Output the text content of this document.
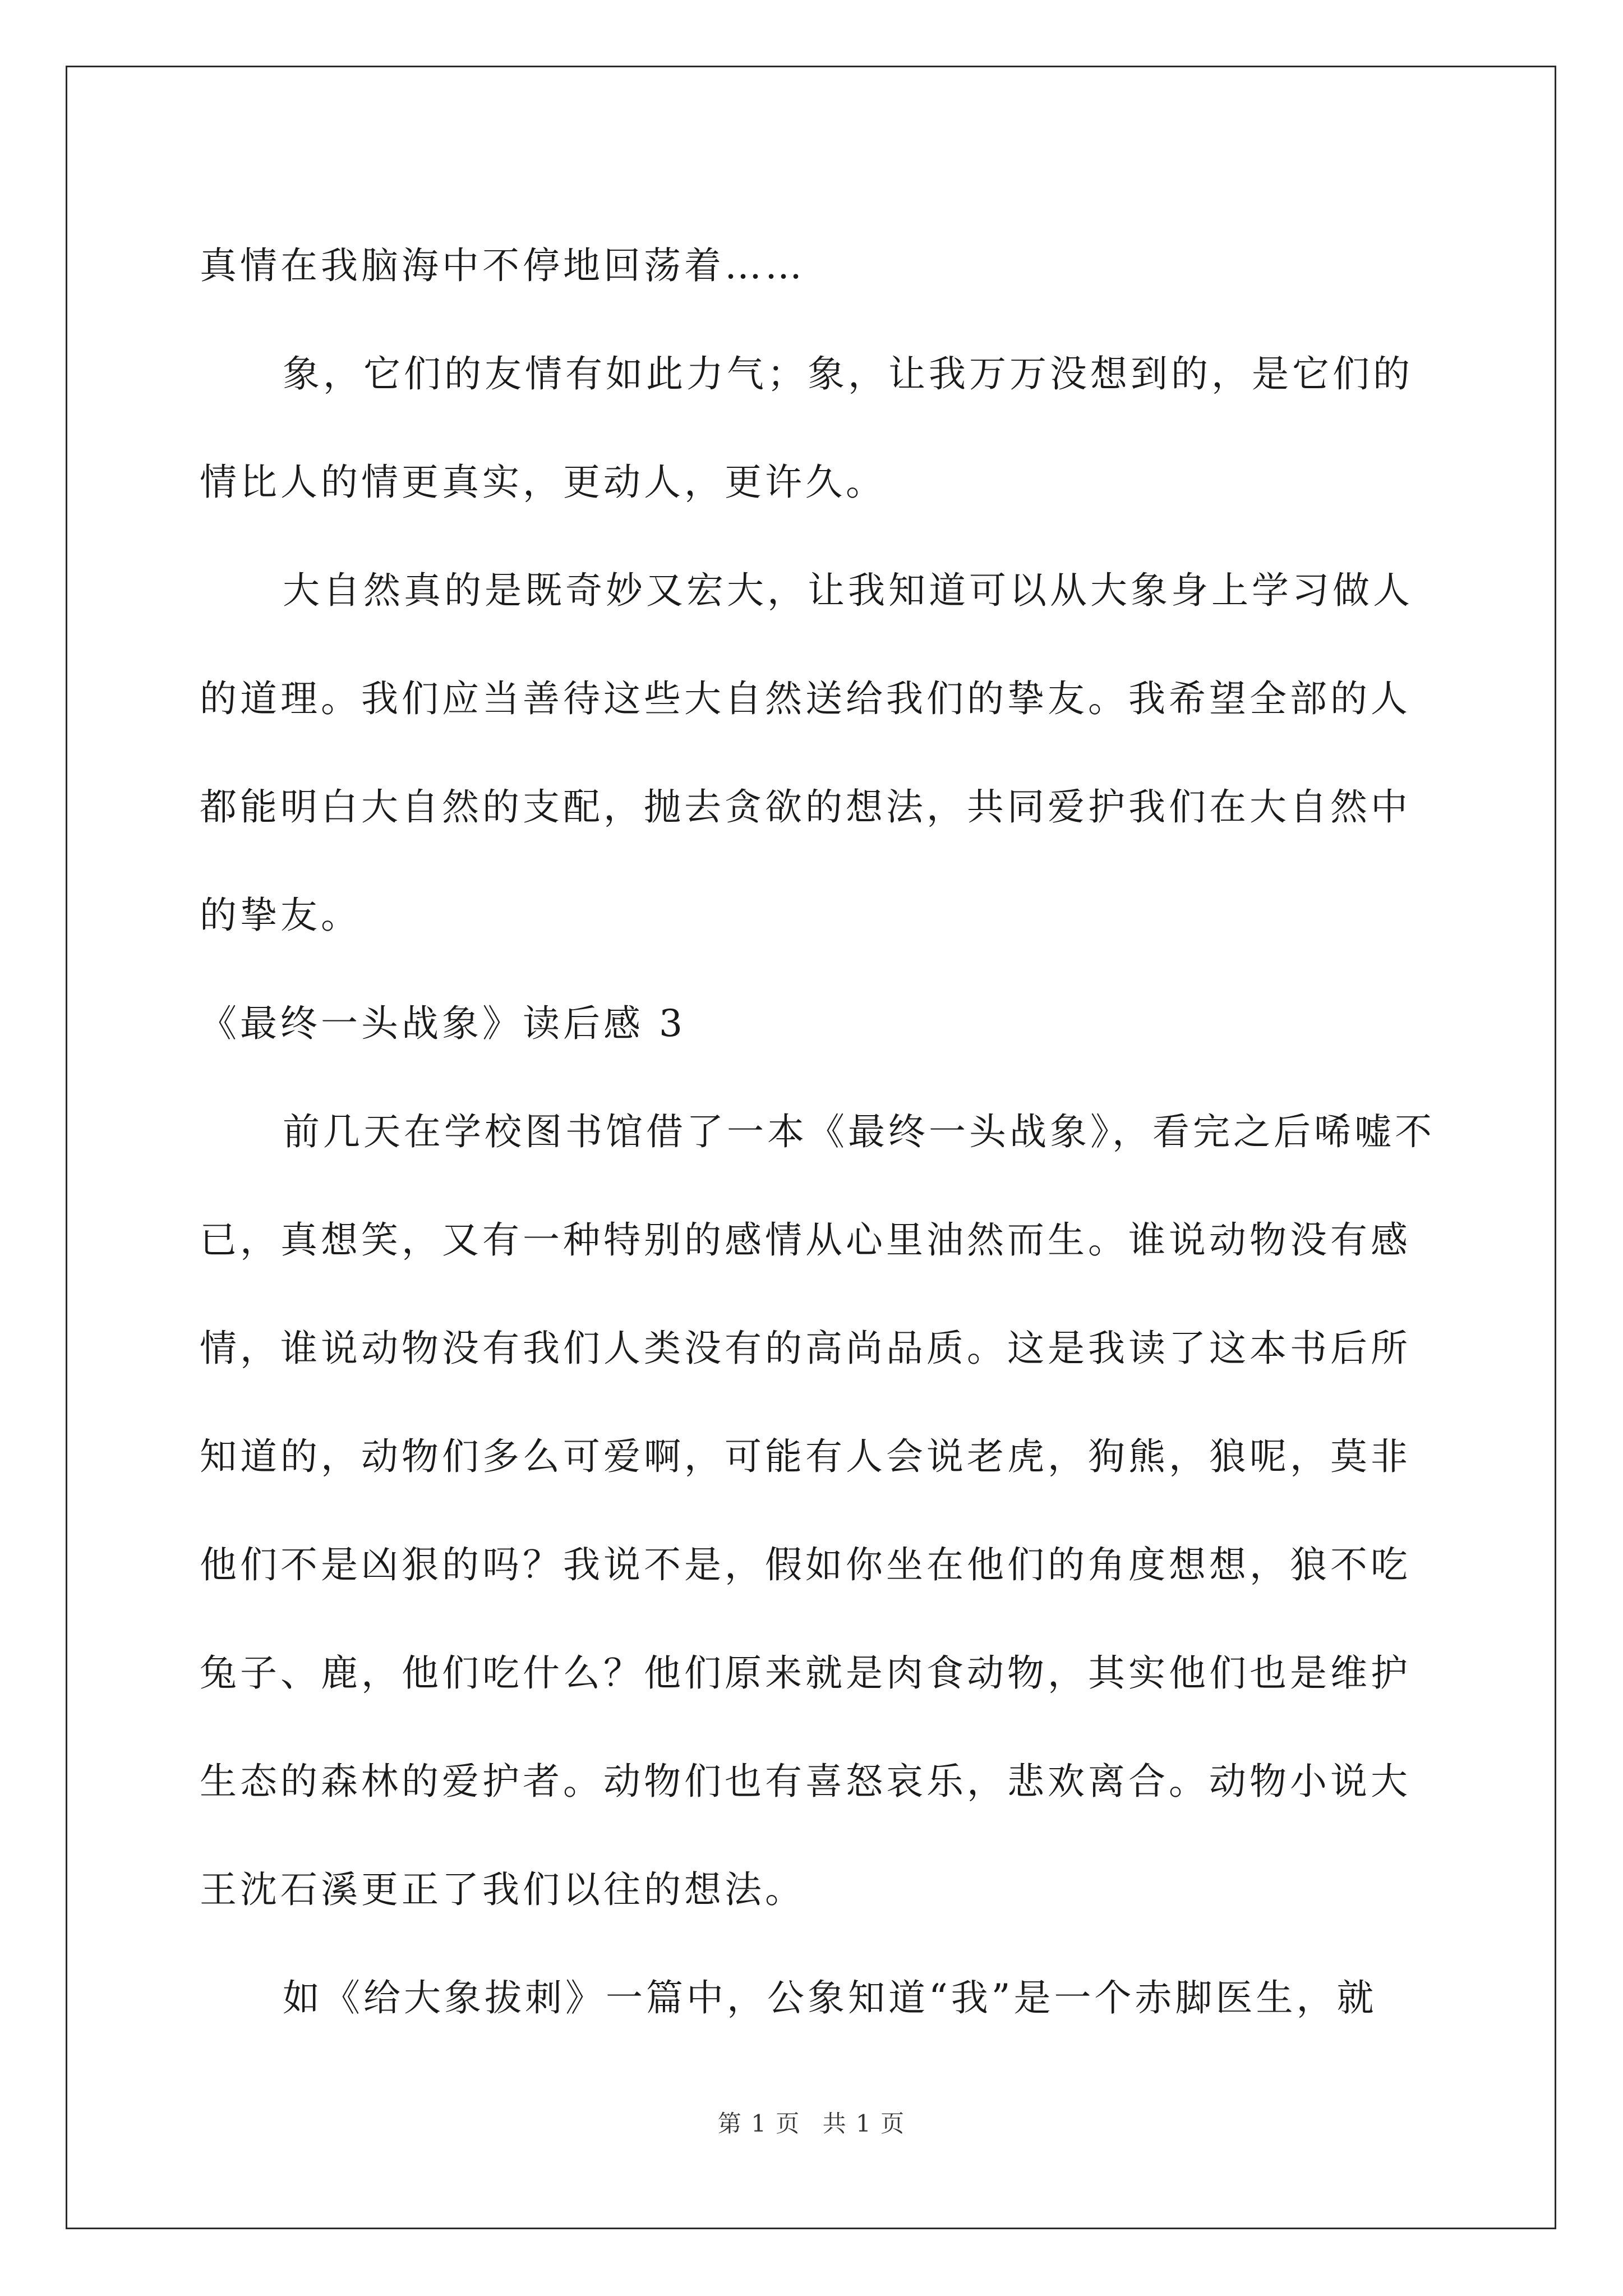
真情在我脑海中不停地回荡着……
象，它们的友情有如此力气；象，让我万万没想到的，是它们的
情比人的情更真实，更动人，更许久。
大自然真的是既奇妙又宏大，让我知道可以从大象身上学习做人
的道理。我们应当善待这些大自然送给我们的挚友。我希望全部的人
都能明白大自然的支配，抛去贪欲的想法，共同爱护我们在大自然中
的挚友。
《最终一头战象》读后感 3
前几天在学校图书馆借了一本《最终一头战象》，看完之后唏嘘不
已，真想笑，又有一种特别的感情从心里油然而生。谁说动物没有感
情，谁说动物没有我们人类没有的高尚品质。这是我读了这本书后所
知道的，动物们多么可爱啊，可能有人会说老虎，狗熊，狼呢，莫非
他们不是凶狠的吗？我说不是，假如你坐在他们的角度想想，狼不吃
兔子、鹿，他们吃什么？他们原来就是肉食动物，其实他们也是维护
生态的森林的爱护者。动物们也有喜怒哀乐，悲欢离合。动物小说大
王沈石溪更正了我们以往的想法。
如《给大象拔刺》一篇中，公象知道“我”是一个赤脚医生，就
第 1 页 共 1 页
